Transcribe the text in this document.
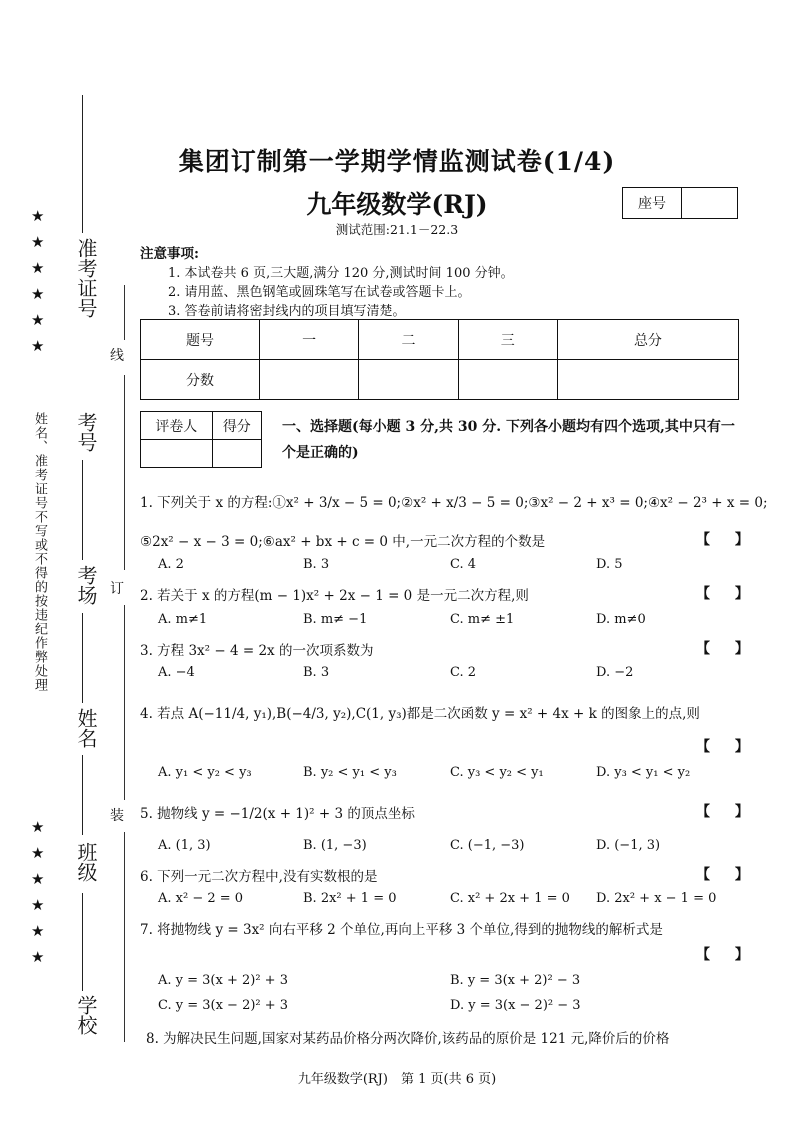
★
★
★
★
★
★
★
★
★
★
★
★
姓名、准考证号不写或不得的按违纪作弊处理
准考证号
考号
考场
姓名
班级
学校
线
订
装
集团订制第一学期学情监测试卷(1/4)
九年级数学(RJ)
测试范围:21.1－22.3
座号
注意事项:
1. 本试卷共 6 页,三大题,满分 120 分,测试时间 100 分钟。
2. 请用蓝、黑色钢笔或圆珠笔写在试卷或答题卡上。
3. 答卷前请将密封线内的项目填写清楚。
题号	一	二	三	总分
分数				
评卷人	得分
	一、选择题(每小题 3 分,共 30 分. 下列各小题均有四个选项,其中只有一个是正确的)
1. 下列关于 x 的方程:①x² + 3/x − 5 = 0;②x² + x/3 − 5 = 0;③x² − 2 + x³ = 0;④x² − 2³ + x = 0;
⑤2x² − x − 3 = 0;⑥ax² + bx + c = 0 中,一元二次方程的个数是	【 】
A. 2	B. 3	C. 4	D. 5
2. 若关于 x 的方程(m − 1)x² + 2x − 1 = 0 是一元二次方程,则	【 】
A. m≠1	B. m≠ −1	C. m≠ ±1	D. m≠0
3. 方程 3x² − 4 = 2x 的一次项系数为	【 】
A. −4	B. 3	C. 2	D. −2
4. 若点 A(−11/4, y₁),B(−4/3, y₂),C(1, y₃)都是二次函数 y = x² + 4x + k 的图象上的点,则
【 】
A. y₁ < y₂ < y₃	B. y₂ < y₁ < y₃	C. y₃ < y₂ < y₁	D. y₃ < y₁ < y₂
5. 抛物线 y = −1/2(x + 1)² + 3 的顶点坐标	【 】
A. (1, 3)	B. (1, −3)	C. (−1, −3)	D. (−1, 3)
6. 下列一元二次方程中,没有实数根的是	【 】
A. x² − 2 = 0	B. 2x² + 1 = 0	C. x² + 2x + 1 = 0 D. 2x² + x − 1 = 0
7. 将抛物线 y = 3x² 向右平移 2 个单位,再向上平移 3 个单位,得到的抛物线的解析式是
【 】
A. y = 3(x + 2)² + 3	B. y = 3(x + 2)² − 3
C. y = 3(x − 2)² + 3	D. y = 3(x − 2)² − 3
8. 为解决民生问题,国家对某药品价格分两次降价,该药品的原价是 121 元,降价后的价格
九年级数学(RJ)　第 1 页(共 6 页)
